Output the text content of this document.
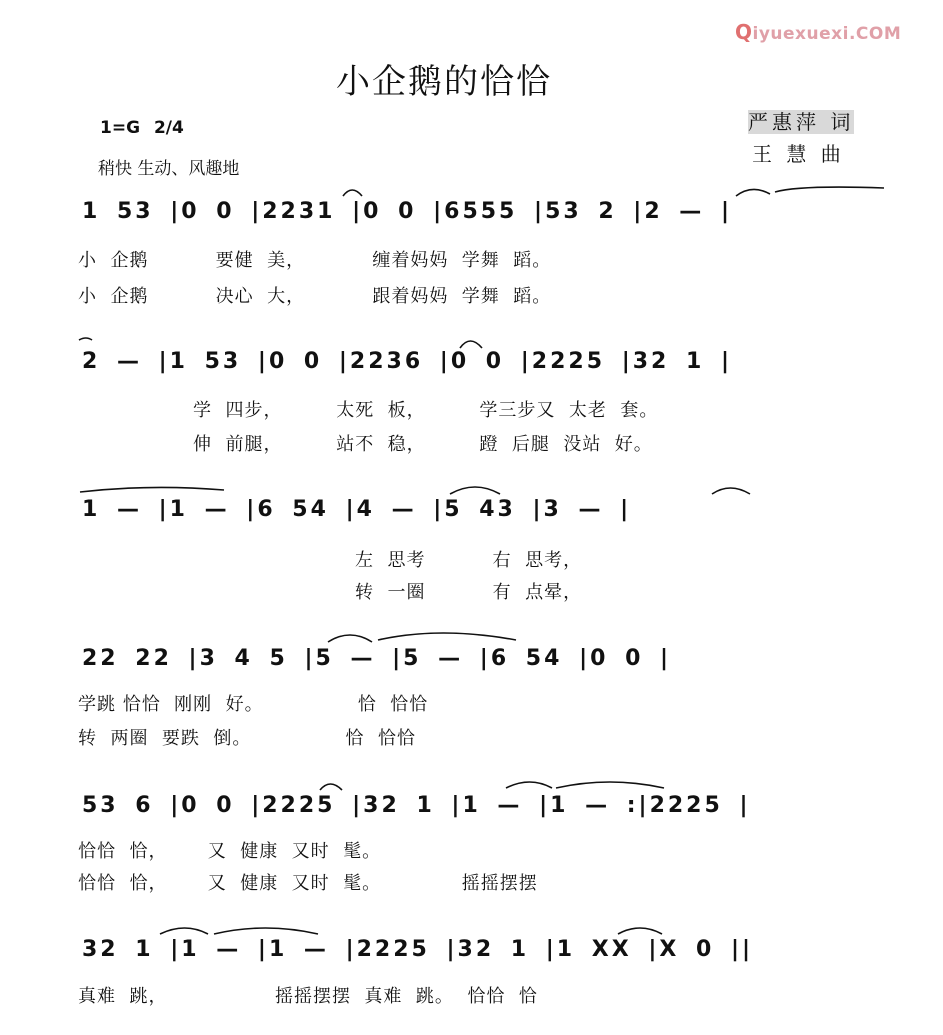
Qiyuexuexi.COM
小企鹅的恰恰
1=G 2/4
稍快 生动、风趣地
严惠萍 词
王 慧 曲
1 53 |0 0 |2231 |0 0 |6555 |53 2 |2 — |
小  企鹅          要健  美，          缠着妈妈  学舞  蹈。
小  企鹅          决心  大，          跟着妈妈  学舞  蹈。
2 — |1 53 |0 0 |2236 |0 0 |2225 |32 1 |
学  四步，        太死  板，        学三步又  太老  套。
伸  前腿，        站不  稳，        蹬  后腿  没站  好。
1 — |1 — |6 54 |4 — |5 43 |3 — |
左  思考          右  思考，
转  一圈          有  点晕，
22 22 |3 4 5 |5 — |5 — |6 54 |0 0 |
学跳 恰恰  刚刚  好。              恰  恰恰
转  两圈  要跌  倒。              恰  恰恰
53 6 |0 0 |2225 |32 1 |1 — |1 — :|2225 |
恰恰  恰，      又  健康  又时  髦。
恰恰  恰，      又  健康  又时  髦。            摇摇摆摆
32 1 |1 — |1 — |2225 |32 1 |1 XX |X 0 ||
真难  跳，                摇摇摆摆  真难  跳。  恰恰  恰
